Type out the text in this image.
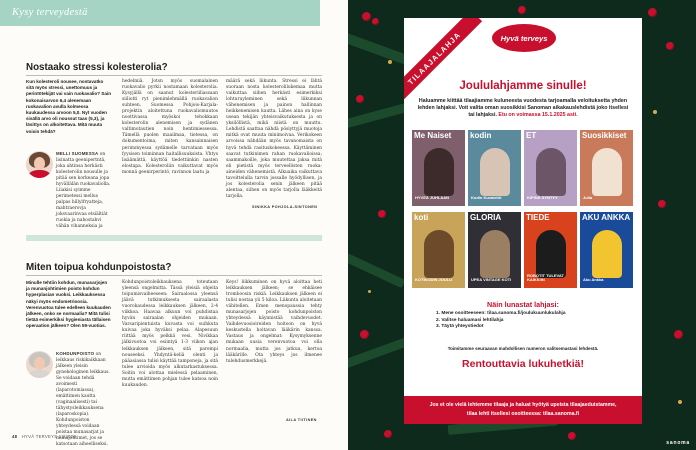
Kysy terveydestä
Nostaako stressi kolesterolia?
Kun kolesteroli nousee, nostavatko sitä myös stressi, unettomuus ja perintötekijät vai vain ruokavalio? Sain kokonaisarvon 6,4 alenemaan ruokavalion avulla kolmessa kuukaudessa arvoon 5,0. Nyt vuoden sisällä arvo oli noussut taas (5,3), ja läsittys on alkoitettava. Mitä muuta voisin tehdä?
MELLI SUOMESSA on lisinatta geenipertntä, joka ahtinsa herkästi kolesterolin nousulle ja pitää sen korkeana jopa hyvällälän ruokavaliolla. Liiakisi syimme perimetessi mellus palpas hillylfryatteja, mahtraerovja joksvaarinvaa etsiältiät ruokia ja nahostahvi vähän vihanneksia ja
hedelmiä. Jotsn myös suomalainen ruokavalio pyrkii nostamaan kolesterolia. Kysyjällä on saanut kolesteriiliassaan siiliotti ryt pienimlehmällä ruokavalion suhteen. Suomessa Pohjois-Karjala-projektin aloitettuna ruokavaliomuutos noottivassa myöskoi tehokkaan kolesterolin alenemisen ja sydänen valtimotautien noin hentimiessessa. Tämellä puolen maailmaa, tietessa, on dokumentoima, miten kansainnaisen perimmyessa sydämelle tarvataan myös fyysisen toiminnan haitallisuuksista. Vhtys lisäämättä, käyttöä tiedettiinkin nasten elostapa. Kolesteroliin vaikuttavat myös monnä geenirperintö, ravinnon laatu ja
määrä sekä liikunta. Stressi ei lähtä suoraan nosta kolesterolilukemaa mutta vaikuttaa siihen herkästi esimerkiksi lohturuyleminen sekä liikunnan vähenemisen ja painon hallinnan heikkenemisen kautta. Lähes aina on kyse usean tekijän yhteisvaikutuksesta ja on yksilöllistä, mikä niistä on muuttu. Lehdistä saattaa nähdä pösiyttyjä muotoja mitkä ovat muuta minimoivaa. Verikokeen arvoissa nähdään myös tavanomaista on hyvä tehdä rasituskokeessa. Käyttäminen saavat tutkinimen rahan ruokavalioissa; saammakoille, joka muutettaa jaksa mitä eli pietistä myös terveellisten ruoka-aineiden vähenemistä. Alkuaika vaikuttava tavoittelulla tarvin jossalle hyödyllisen, ja jos kolesterolia senin jälkeen pitää alentaa, siihen on myös tarjolla lääkkeitä tarjolla.
SINIKKA POHJOLA-SINTONEN
Miten toipua kohdunpoistosta?
Minulle tehtiin kohdun, munasarjojen ja munanjohtimien poisto kohdun hyperplasian vuoksi. Leikkauksessa näkyi myös endometrioosia. Verenvuotoa tulee edelleen kuukauden jälkeen, onko se normaalia? Mitä tulisi tietää esimerkiksi hygieniasta tällaisen operaation jälkeen? Olen 59-vuotias.
KOHDUNPOISTO on leikkaus riskikaikkaan jälkeen yleisin gynekologinen leikkaus. Se voidaan tehdä avoimesti (laparotomiassa), emättimen kautta (vaginaalisesti) tai tähystysleikkauksena (laparoskopia). Kohdunpoiston yhteydessä voidaan poistaa munasarjat ja munajohtimet, jos se katsotaan aiheelliseksi.
Kohdunpoistoleikkauksena toteutaan yleensä ongelmitta. Tässä yleisiä ohjeita toipumisvaiheeseen: Sairaalossa yleensä jäävä tutkimuksesta sairaalasta vuorokaudessa leikkauksen jälkeen, 2-4 viikkoa. Haavaa alkuun voi puhdistaa hyvän sairaalan ohjeiden mukaan. Varsaripientuista kuvasta voi suihkuta kuivaa joka hyväksi pelaa. Alapesuun riittää myös pelkkä vesi. Nivikkaa jälkivuotoa voi esiintyä 1-3 viikon ajan leikkauksen jälkeen, sitä parempi nouseeksi. Yhdyntä-keliä olenti ja pääasiassa tulisi käyttää tamponeja, ja sitä tulee arvioida myös alkutarkastuksessa. Soitin voi alottaa mielessä pelaaminen, mutta emättimen pohjan tulee katsoa noin kuukauden.
Keys! liikkuminen on hyvä aloittaa heti leikkauksen jälkeen; se ehkäisee tromboosin riskiä. Leikkauksen jälkeen ei tulisi nostaa yli 5 kiloa. Liikunta aloitetaan vähitellen. Emen menopaussia tehty munasarjojen poisto kohdunpoiston yhteydessä käynnistää vaihdevuodet. Vaihdevuosioireiden hoitoon on hyvä keskustella hoitavan lääkärin kanssa. Vastaus ja ongelmat: Kysymyksenne mukaan uusia verenvuotoa voi olla normaalia, mutta jos jatkuu, kertoa lääkärille. Ota yhteys jos ilmenee tulehdusmerkkejä.
AILA TIITINEN
48 HYVÄ TERVEYS 13/2024
TILAAJALAHJA	Hyvä terveys
Joululahjamme sinulle!
Haluamme kiittää tilaajiamme kuluneesta vuodesta tarjoamalla veloituksetta yhden lehden lahjaksi. Voit valita oman suosikkisi Sanoman aikakauslehdistä joko itsellesi tai lahjaksi. Etu on voimassa 15.1.2025 asti.
Me Naiset
HYVEÄ JUHLAAN
kodin
Kodin Kuvalehti
ET
KIPINÄ SYNTYY
Suosikkiset
Julia
koti
KOTIKODIN JOULU
GLORIA
UPEA VINTAGE KOTI
TIEDE
ROBOTIT TULEVAT KAIKKIIN
AKU ANKKA
Aku Ankka
Näin lunastat lahjasi:
1. Mene osoitteeseen: tilaa.sanoma.fi/joulukuunlukulahja
2. Valitse haluamasi lehtilahja
3. Täytä yhteystiedot
Toimitamme seuraavan mahdollisen numeron valitsemastasi lehdestä.
Rentouttavia lukuhetkiä!
Jos et ole vielä lehtemme tilaaja ja haluat hyötyä upeista tilaajaeduistamme,
tilaa lehti itsellesi osoitteessa: tilaa.sanoma.fi
sanoma
